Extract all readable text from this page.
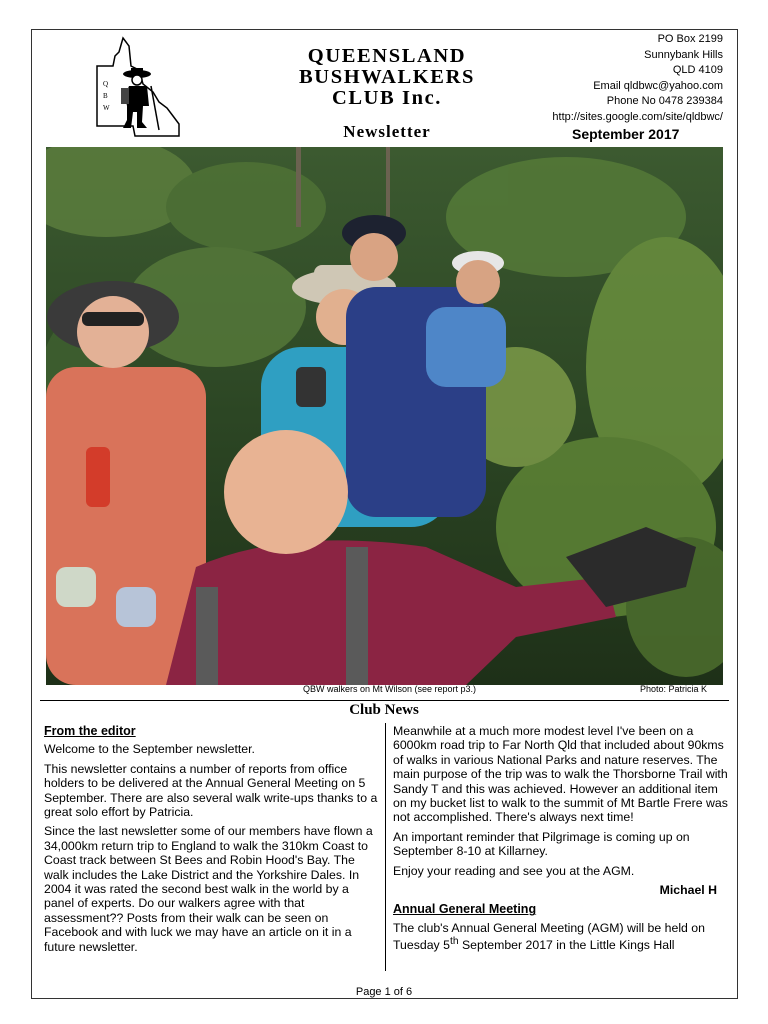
Q
B
W
QUEENSLAND
BUSHWALKERS
CLUB Inc.
Newsletter
PO Box 2199
Sunnybank Hills
QLD 4109
Email qldbwc@yahoo.com
Phone No 0478 239384
http://sites.google.com/site/qldbwc/
September 2017
QBW walkers on Mt Wilson (see report p3.)	Photo: Patricia K
Club News
From the editor

Welcome to the September newsletter.

This newsletter contains a number of reports from office holders to be delivered at the Annual General Meeting on 5 September. There are also several walk write-ups thanks to a great solo effort by Patricia.

Since the last newsletter some of our members have flown a 34,000km return trip to England to walk the 310km Coast to Coast track between St Bees and Robin Hood's Bay. The walk includes the Lake District and the Yorkshire Dales. In 2004 it was rated the second best walk in the world by a panel of experts. Do our walkers agree with that assessment?? Posts from their walk can be seen on Facebook and with luck we may have an article on it in a future newsletter.

Meanwhile at a much more modest level I've been on a 6000km road trip to Far North Qld that included about 90kms of walks in various National Parks and nature reserves. The main purpose of the trip was to walk the Thorsborne Trail with Sandy T and this was achieved. However an additional item on my bucket list to walk to the summit of Mt Bartle Frere was not accomplished. There's always next time!

An important reminder that Pilgrimage is coming up on September 8-10 at Killarney.

Enjoy your reading and see you at the AGM.

Michael H

Annual General Meeting

The club's Annual General Meeting (AGM) will be held on Tuesday 5th September 2017 in the Little Kings Hall

Page 1 of 6
